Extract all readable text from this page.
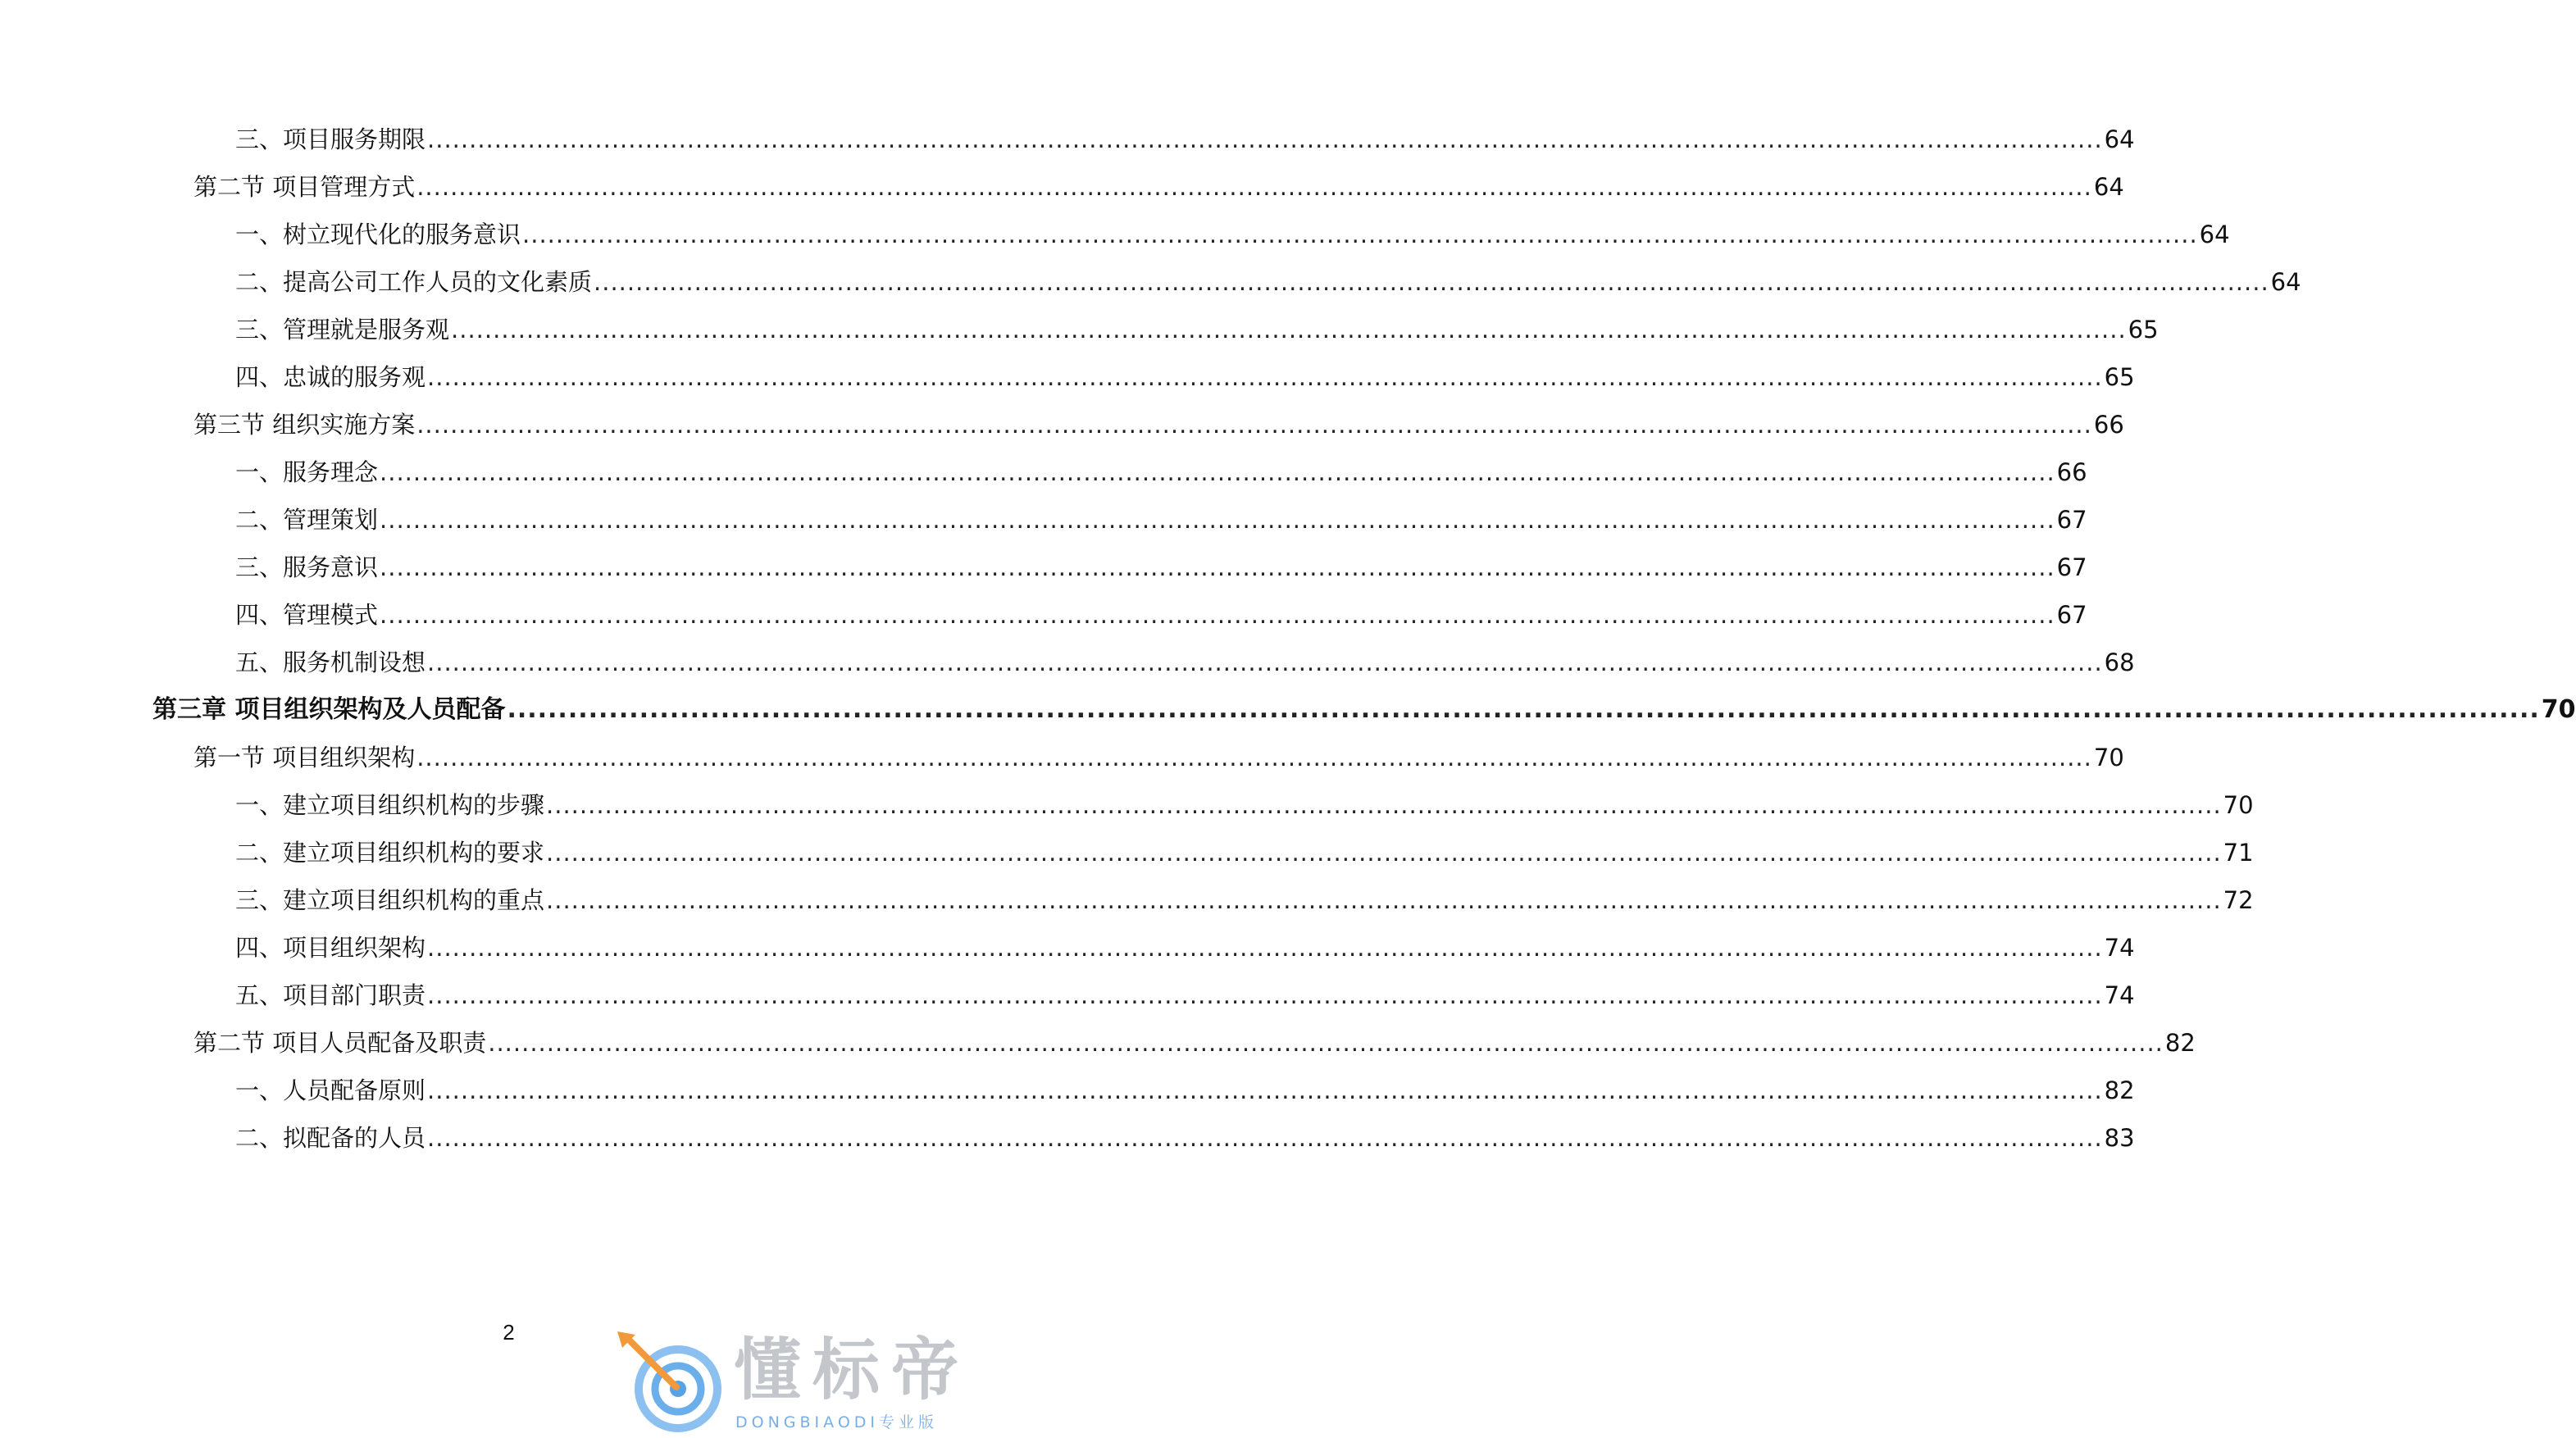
三、项目服务期限 ........................................................................................................................................................................................................ 64
第二节 项目管理方式 ........................................................................................................................................................................................................ 64
一、树立现代化的服务意识 ........................................................................................................................................................................................................ 64
二、提高公司工作人员的文化素质 ........................................................................................................................................................................................................ 64
三、管理就是服务观 ........................................................................................................................................................................................................ 65
四、忠诚的服务观 ........................................................................................................................................................................................................ 65
第三节 组织实施方案 ........................................................................................................................................................................................................ 66
一、服务理念 ........................................................................................................................................................................................................ 66
二、管理策划 ........................................................................................................................................................................................................ 67
三、服务意识 ........................................................................................................................................................................................................ 67
四、管理模式 ........................................................................................................................................................................................................ 67
五、服务机制设想 ........................................................................................................................................................................................................ 68
第三章 项目组织架构及人员配备 ........................................................................................................................................................................................................ 70
第一节 项目组织架构 ........................................................................................................................................................................................................ 70
一、建立项目组织机构的步骤 ........................................................................................................................................................................................................ 70
二、建立项目组织机构的要求 ........................................................................................................................................................................................................ 71
三、建立项目组织机构的重点 ........................................................................................................................................................................................................ 72
四、项目组织架构 ........................................................................................................................................................................................................ 74
五、项目部门职责 ........................................................................................................................................................................................................ 74
第二节 项目人员配备及职责 ........................................................................................................................................................................................................ 82
一、人员配备原则 ........................................................................................................................................................................................................ 82
二、拟配备的人员 ........................................................................................................................................................................................................ 83
2	懂标帝
DONGBIAODI专业版
